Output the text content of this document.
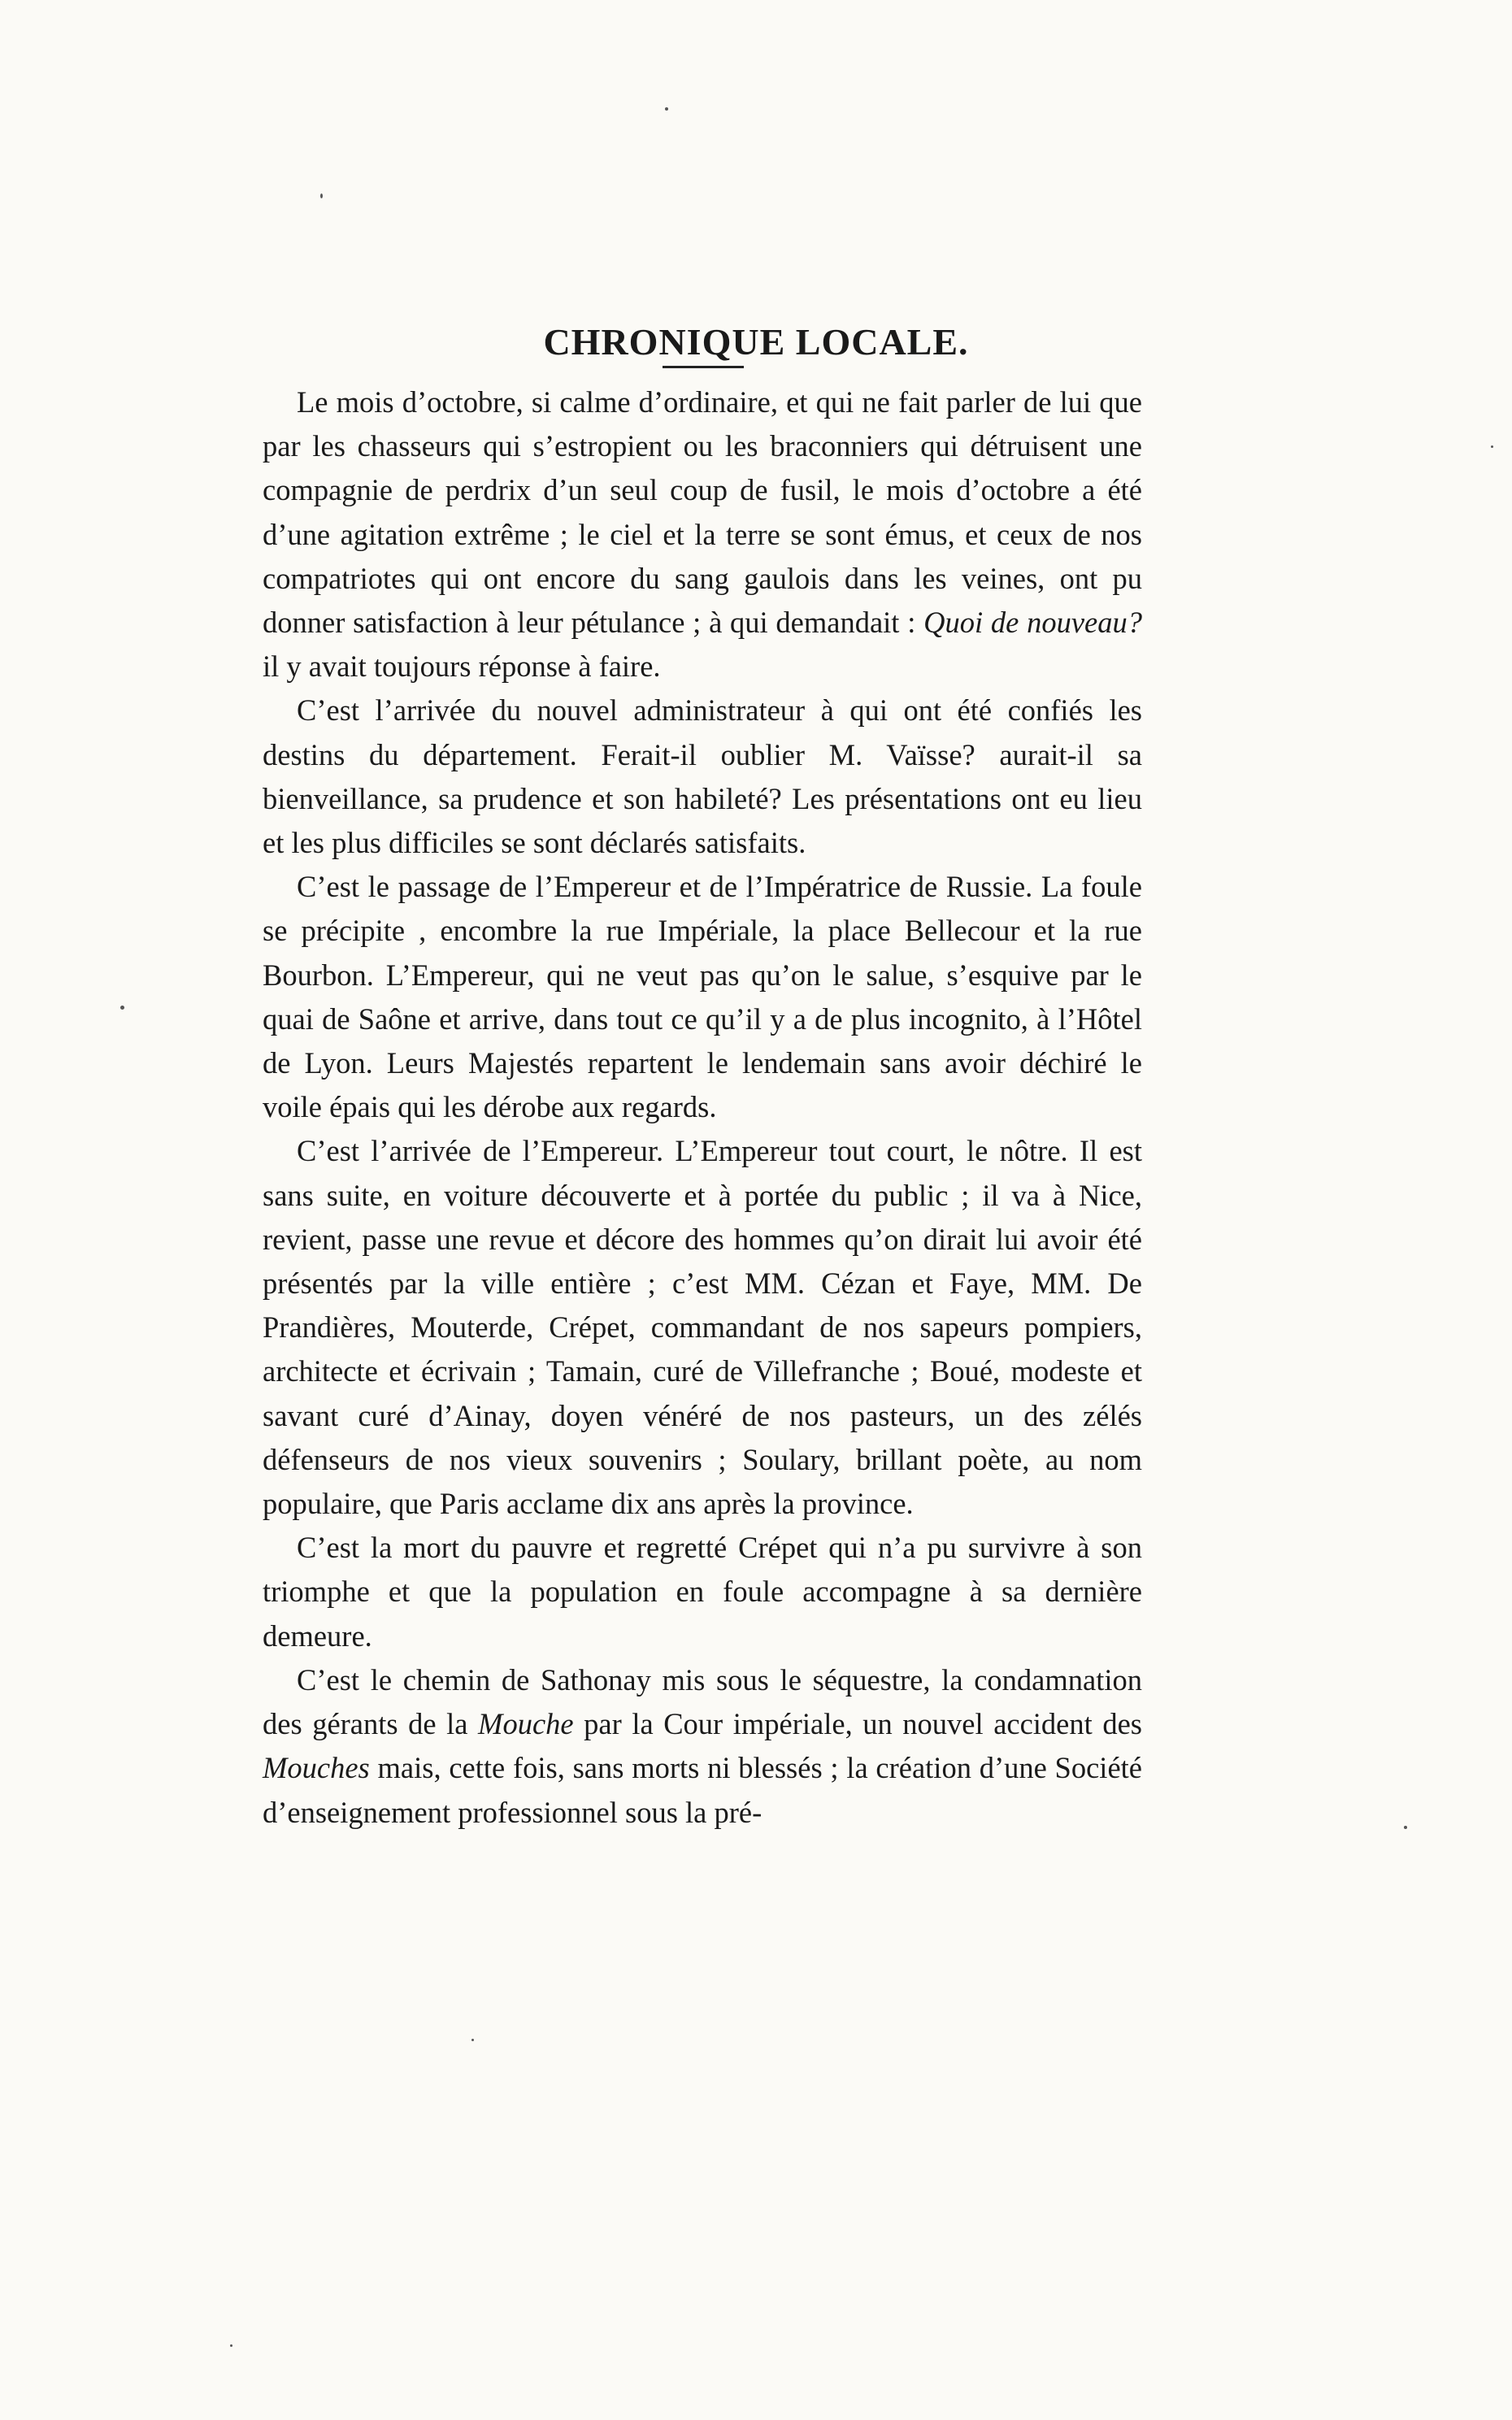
CHRONIQUE LOCALE.

Le mois d’octobre, si calme d’ordinaire, et qui ne fait parler de lui que par les chasseurs qui s’estropient ou les braconniers qui détruisent une compagnie de perdrix d’un seul coup de fusil, le mois d’octobre a été d’une agitation extrême ; le ciel et la terre se sont émus, et ceux de nos compatriotes qui ont encore du sang gaulois dans les veines, ont pu donner satisfaction à leur pétulance ; à qui demandait : Quoi de nouveau? il y avait toujours réponse à faire.

C’est l’arrivée du nouvel administrateur à qui ont été confiés les destins du département. Ferait-il oublier M. Vaïsse? aurait-il sa bienveillance, sa prudence et son habileté? Les présentations ont eu lieu et les plus difficiles se sont déclarés satisfaits.

C’est le passage de l’Empereur et de l’Impératrice de Russie. La foule se précipite , encombre la rue Impériale, la place Bellecour et la rue Bourbon. L’Empereur, qui ne veut pas qu’on le salue, s’esquive par le quai de Saône et arrive, dans tout ce qu’il y a de plus incognito, à l’Hôtel de Lyon. Leurs Majestés repartent le lendemain sans avoir déchiré le voile épais qui les dérobe aux regards.

C’est l’arrivée de l’Empereur. L’Empereur tout court, le nôtre. Il est sans suite, en voiture découverte et à portée du public ; il va à Nice, revient, passe une revue et décore des hommes qu’on dirait lui avoir été présentés par la ville entière ; c’est MM. Cézan et Faye, MM. De Prandières, Mouterde, Crépet, commandant de nos sapeurs pompiers, architecte et écrivain ; Tamain, curé de Villefranche ; Boué, modeste et savant curé d’Ainay, doyen vénéré de nos pasteurs, un des zélés défenseurs de nos vieux souvenirs ; Soulary, brillant poète, au nom populaire, que Paris acclame dix ans après la province.

C’est la mort du pauvre et regretté Crépet qui n’a pu survivre à son triomphe et que la population en foule accompagne à sa dernière demeure.

C’est le chemin de Sathonay mis sous le séquestre, la condamnation des gérants de la Mouche par la Cour impériale, un nouvel accident des Mouches mais, cette fois, sans morts ni blessés ; la création d’une Société d’enseignement professionnel sous la pré-
